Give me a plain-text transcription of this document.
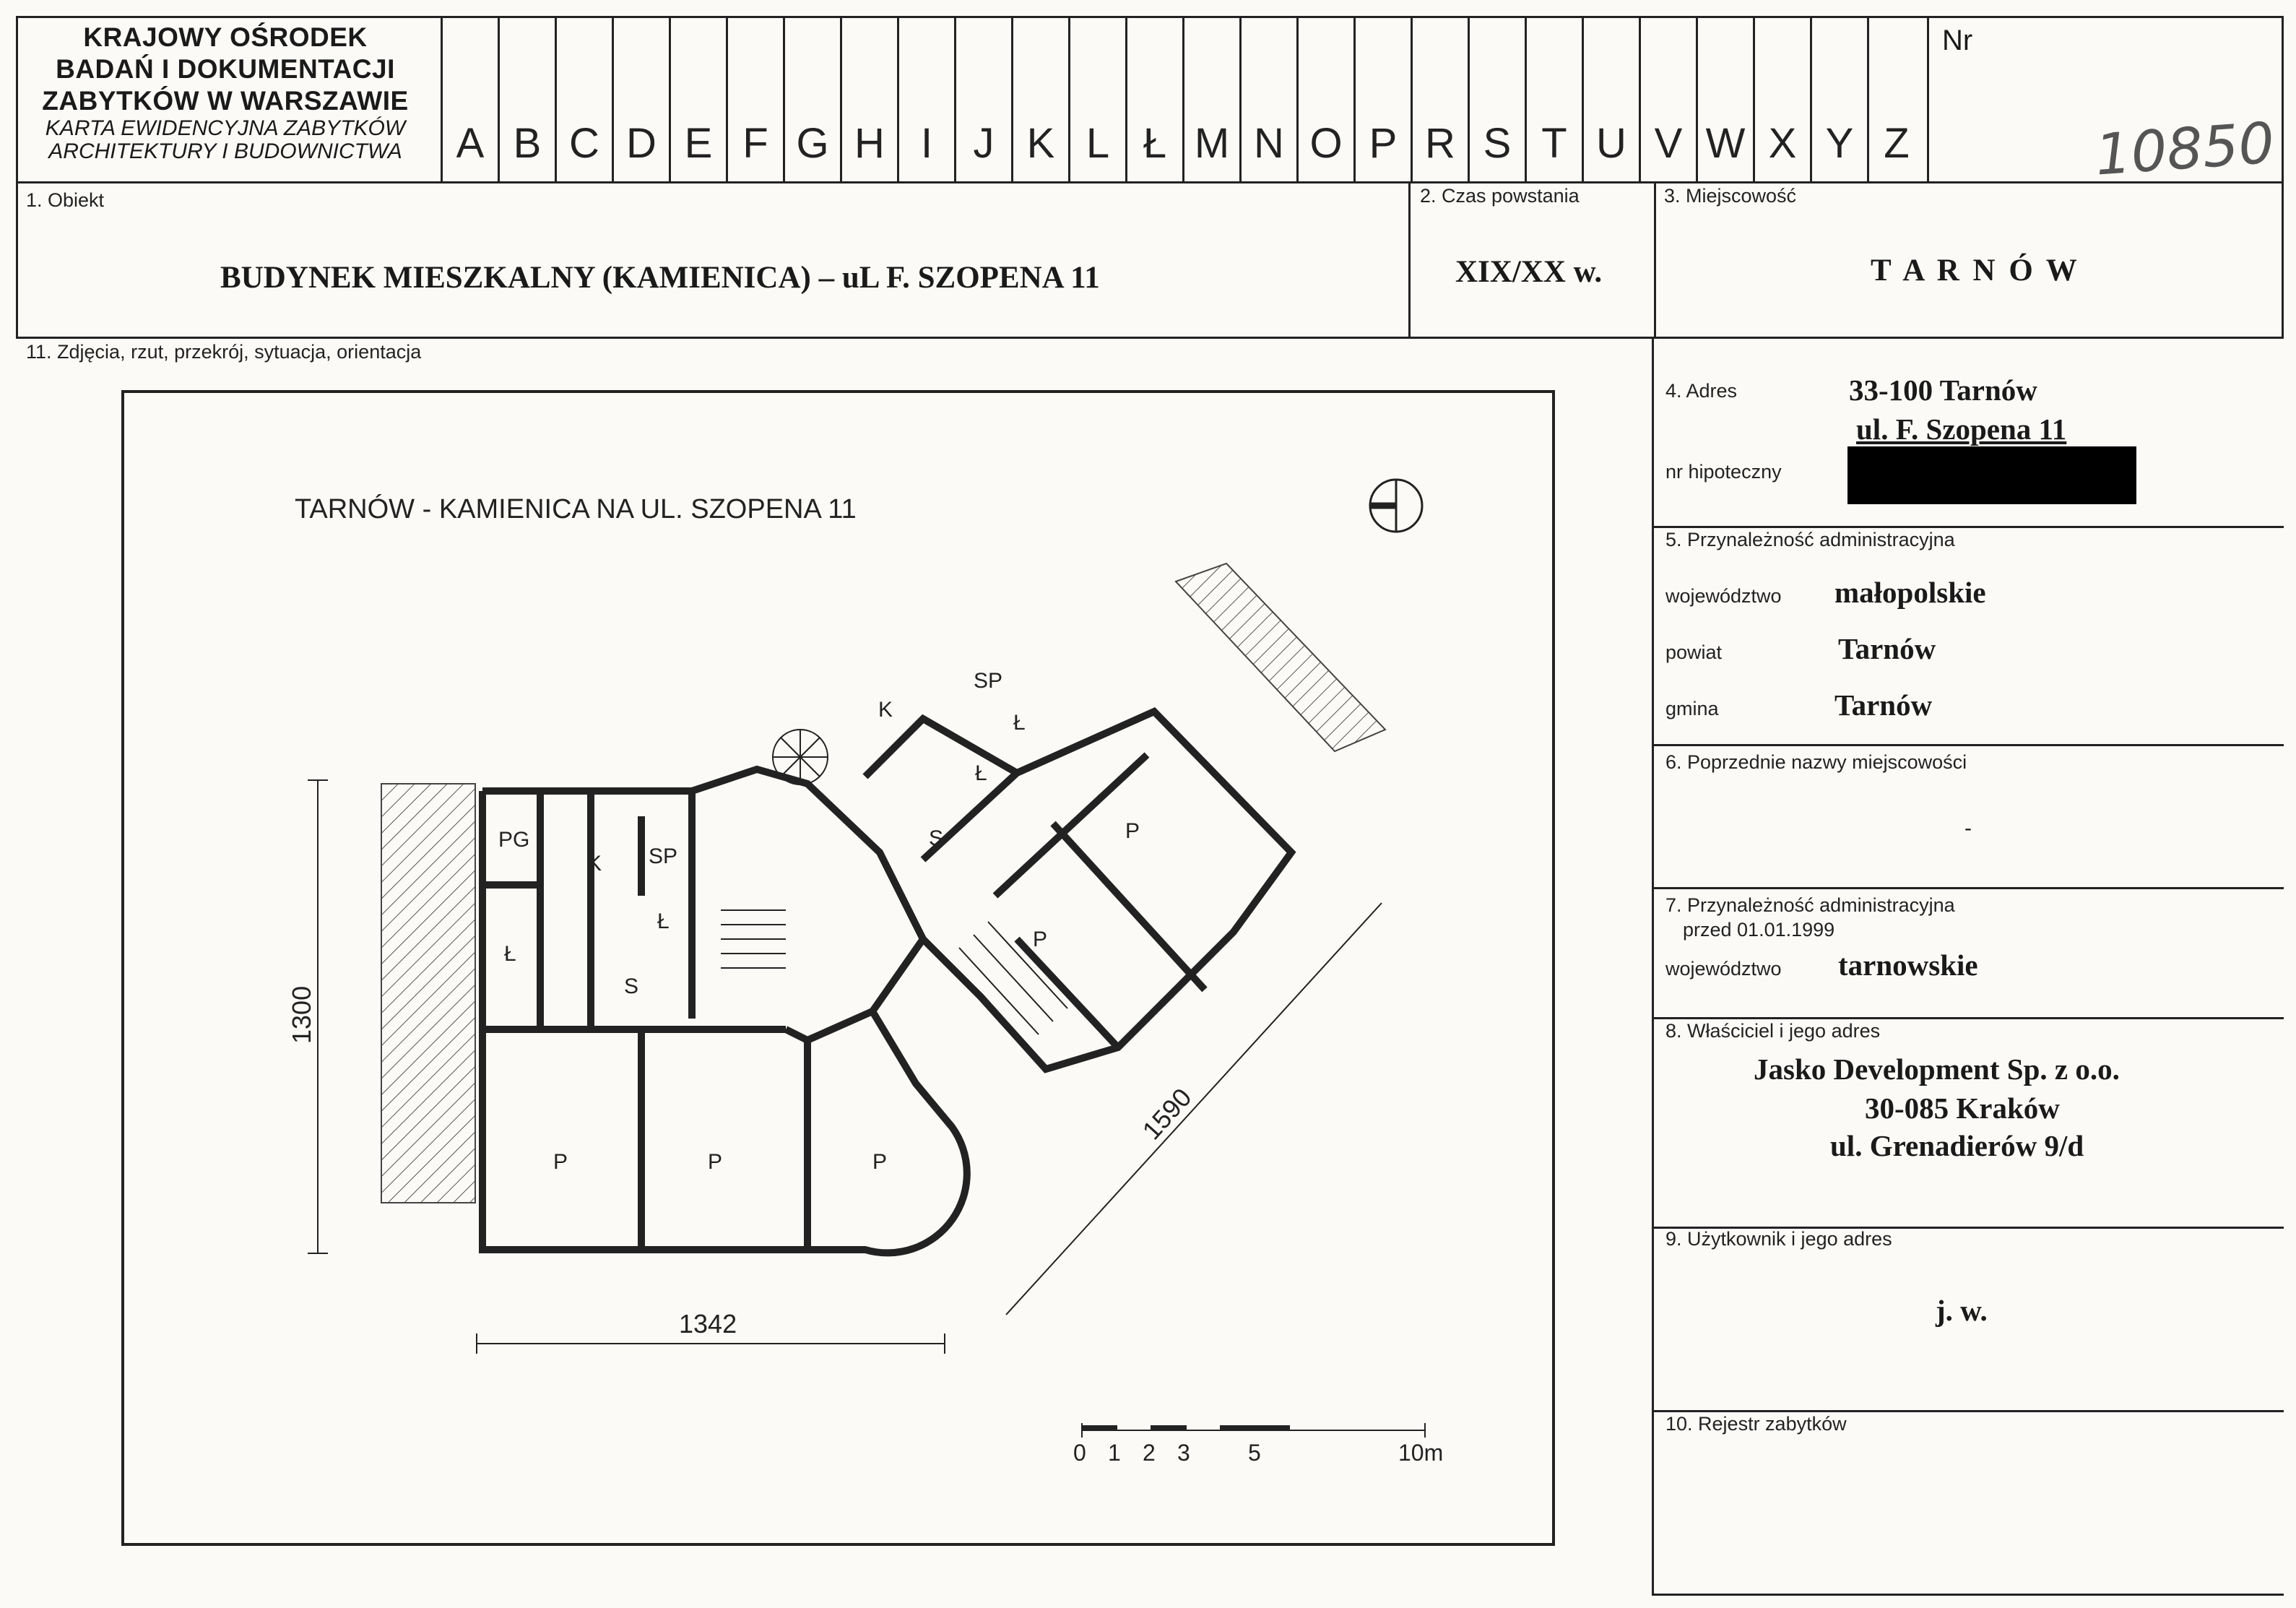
KRAJOWY OŚRODEK
BADAŃ I DOKUMENTACJI
ZABYTKÓW W WARSZAWIE
KARTA EWIDENCYJNA ZABYTKÓW
ARCHITEKTURY I BUDOWNICTWA	A B C D E F G H I J K L Ł M N O P R S T U V W X Y Z
Nr
10850
1. Obiekt
BUDYNEK MIESZKALNY (KAMIENICA) – uL F. SZOPENA 11
2. Czas powstania
XIX/XX w.
3. Miejscowość
T A R N Ó W
11. Zdjęcia, rzut, przekrój, sytuacja, orientacja
TARNÓW - KAMIENICA NA UL. SZOPENA 11
1300
1342
1590
PG
K SP
Ł
Ł
S
P	P	P
K
SP
Ł
Ł
S	P
P
0 1 2 3	5	10m
4. Adres	33-100 Tarnów
ul. F. Szopena 11
nr hipoteczny
5. Przynależność administracyjna
województwo małopolskie
powiat	Tarnów
gmina	Tarnów
6. Poprzednie nazwy miejscowości
-
7. Przynależność administracyjna
przed 01.01.1999
województwo tarnowskie
8. Właściciel i jego adres
Jasko Development Sp. z o.o.
30-085 Kraków
ul. Grenadierów 9/d
9. Użytkownik i jego adres
j. w.
10. Rejestr zabytków
